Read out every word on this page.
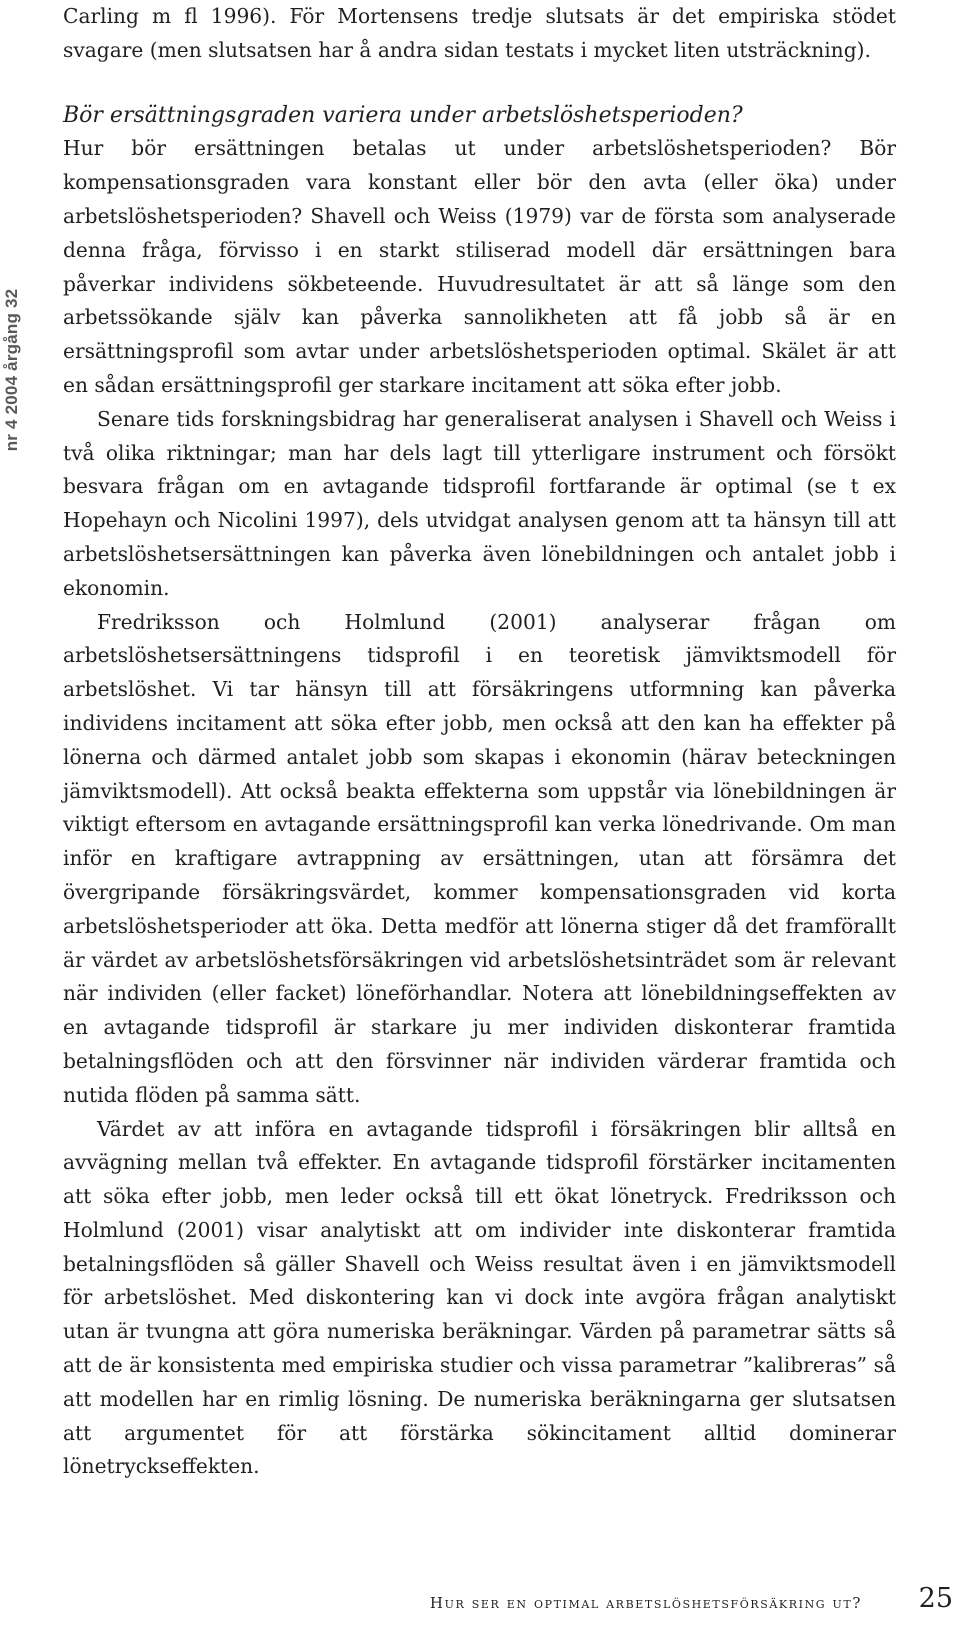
nr 4 2004 årgång 32

Carling m fl 1996). För Mortensens tredje slutsats är det empiriska stödet svagare (men slutsatsen har å andra sidan testats i mycket liten utsträckning).

Bör ersättningsgraden variera under arbetslöshetsperioden?

Hur bör ersättningen betalas ut under arbetslöshetsperioden? Bör kompensationsgraden vara konstant eller bör den avta (eller öka) under arbetslöshetsperioden? Shavell och Weiss (1979) var de första som analyserade denna fråga, förvisso i en starkt stiliserad modell där ersättningen bara påverkar individens sökbeteende. Huvudresultatet är att så länge som den arbetssökande själv kan påverka sannolikheten att få jobb så är en ersättningsprofil som avtar under arbetslöshetsperioden optimal. Skälet är att en sådan ersättningsprofil ger starkare incitament att söka efter jobb.

Senare tids forskningsbidrag har generaliserat analysen i Shavell och Weiss i två olika riktningar; man har dels lagt till ytterligare instrument och försökt besvara frågan om en avtagande tidsprofil fortfarande är optimal (se t ex Hopehayn och Nicolini 1997), dels utvidgat analysen genom att ta hänsyn till att arbetslöshetsersättningen kan påverka även lönebildningen och antalet jobb i ekonomin.

Fredriksson och Holmlund (2001) analyserar frågan om arbetslöshetsersättningens tidsprofil i en teoretisk jämviktsmodell för arbetslöshet. Vi tar hänsyn till att försäkringens utformning kan påverka individens incitament att söka efter jobb, men också att den kan ha effekter på lönerna och därmed antalet jobb som skapas i ekonomin (härav beteckningen jämviktsmodell). Att också beakta effekterna som uppstår via lönebildningen är viktigt eftersom en avtagande ersättningsprofil kan verka lönedrivande. Om man inför en kraftigare avtrappning av ersättningen, utan att försämra det övergripande försäkringsvärdet, kommer kompensationsgraden vid korta arbetslöshetsperioder att öka. Detta medför att lönerna stiger då det framförallt är värdet av arbetslöshetsförsäkringen vid arbetslöshetsinträdet som är relevant när individen (eller facket) löneförhandlar. Notera att lönebildningseffekten av en avtagande tidsprofil är starkare ju mer individen diskonterar framtida betalningsflöden och att den försvinner när individen värderar framtida och nutida flöden på samma sätt.

Värdet av att införa en avtagande tidsprofil i försäkringen blir alltså en avvägning mellan två effekter. En avtagande tidsprofil förstärker incitamenten att söka efter jobb, men leder också till ett ökat lönetryck. Fredriksson och Holmlund (2001) visar analytiskt att om individer inte diskonterar framtida betalningsflöden så gäller Shavell och Weiss resultat även i en jämviktsmodell för arbetslöshet. Med diskontering kan vi dock inte avgöra frågan analytiskt utan är tvungna att göra numeriska beräkningar. Värden på parametrar sätts så att de är konsistenta med empiriska studier och vissa parametrar ”kalibreras” så att modellen har en rimlig lösning. De numeriska beräkningarna ger slutsatsen att argumentet för att förstärka sökincitament alltid dominerar lönetryckseffekten.

Hur ser en optimal arbetslöshetsförsäkring ut? 25
